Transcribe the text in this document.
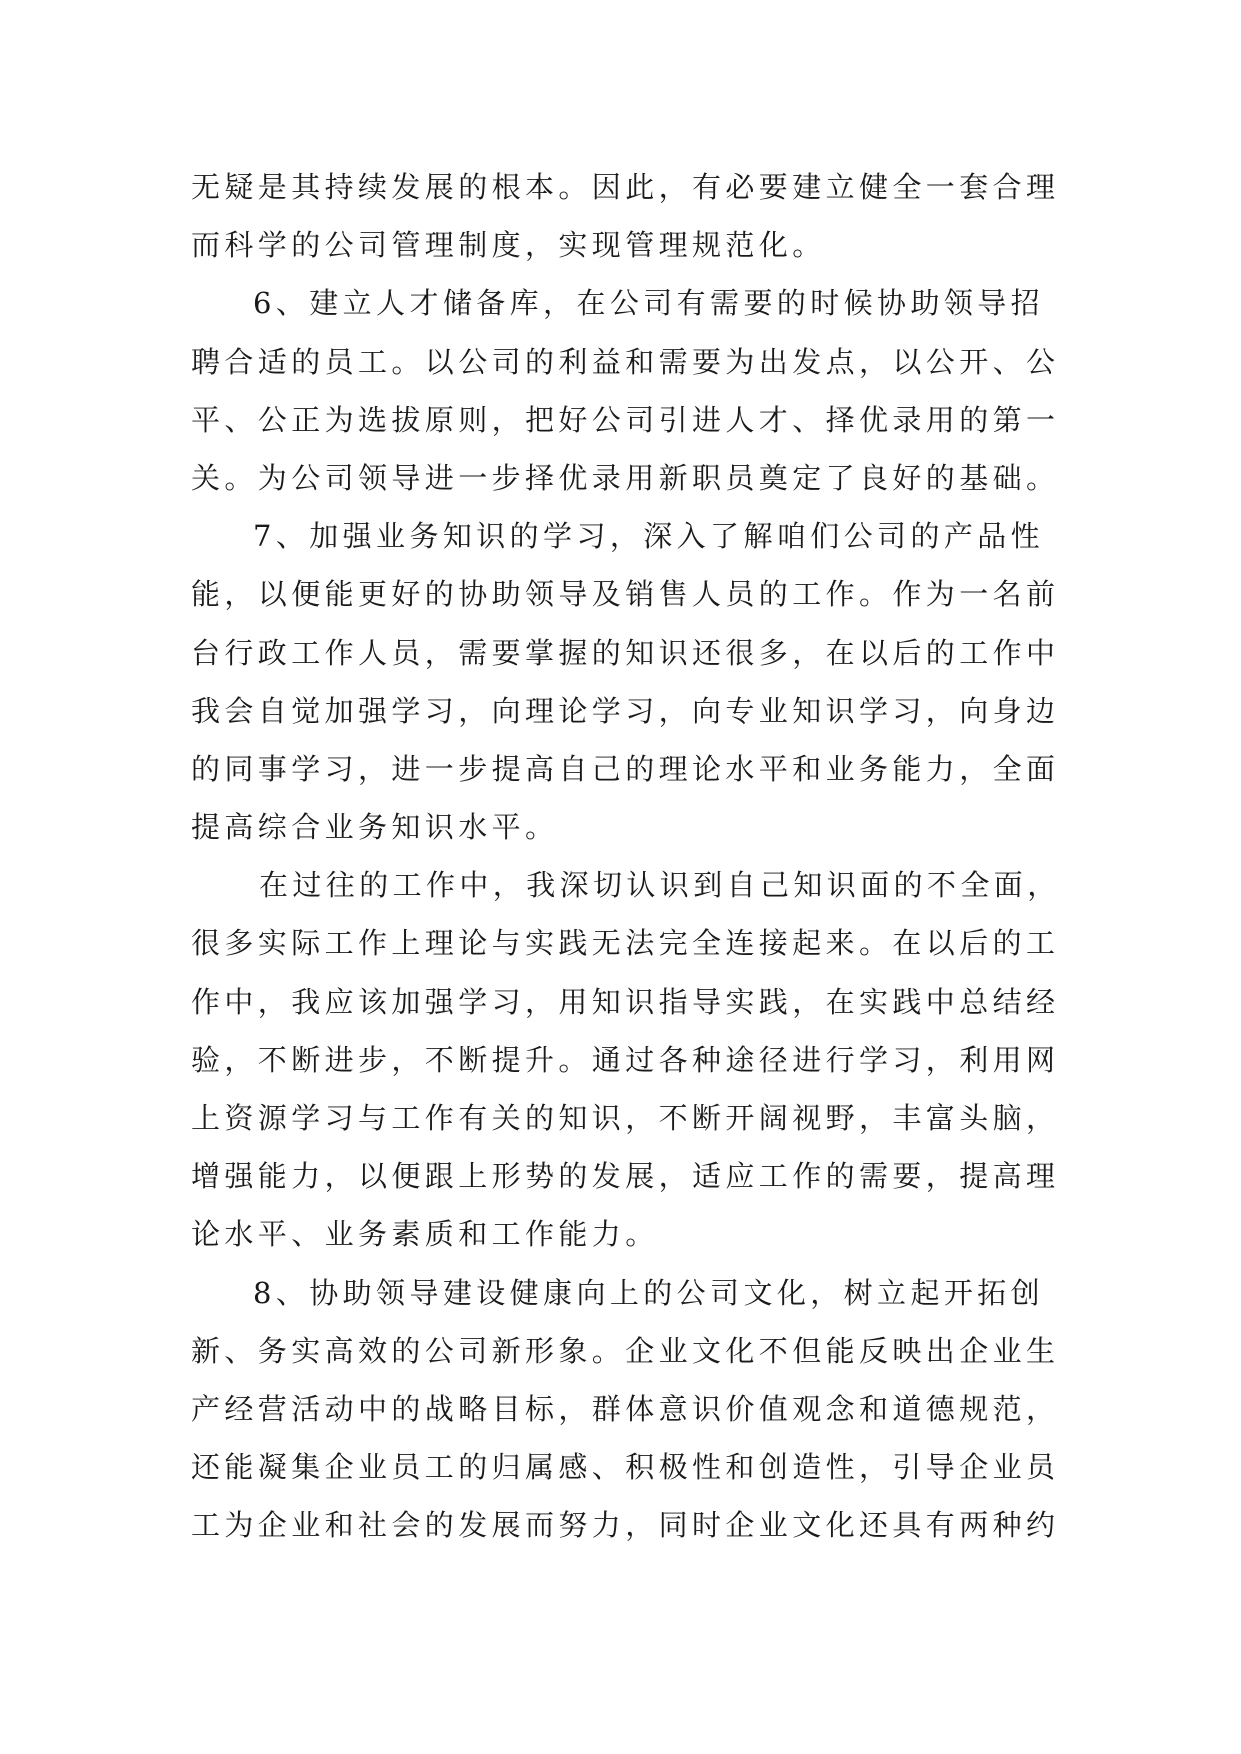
无疑是其持续发展的根本。因此，有必要建立健全一套合理
而科学的公司管理制度，实现管理规范化。
6、建立人才储备库，在公司有需要的时候协助领导招
聘合适的员工。以公司的利益和需要为出发点，以公开、公
平、公正为选拔原则，把好公司引进人才、择优录用的第一
关。为公司领导进一步择优录用新职员奠定了良好的基础。
7、加强业务知识的学习，深入了解咱们公司的产品性
能，以便能更好的协助领导及销售人员的工作。作为一名前
台行政工作人员，需要掌握的知识还很多，在以后的工作中
我会自觉加强学习，向理论学习，向专业知识学习，向身边
的同事学习，进一步提高自己的理论水平和业务能力，全面
提高综合业务知识水平。
在过往的工作中，我深切认识到自己知识面的不全面，
很多实际工作上理论与实践无法完全连接起来。在以后的工
作中，我应该加强学习，用知识指导实践，在实践中总结经
验，不断进步，不断提升。通过各种途径进行学习，利用网
上资源学习与工作有关的知识，不断开阔视野，丰富头脑，
增强能力，以便跟上形势的发展，适应工作的需要，提高理
论水平、业务素质和工作能力。
8、协助领导建设健康向上的公司文化，树立起开拓创
新、务实高效的公司新形象。企业文化不但能反映出企业生
产经营活动中的战略目标，群体意识价值观念和道德规范，
还能凝集企业员工的归属感、积极性和创造性，引导企业员
工为企业和社会的发展而努力，同时企业文化还具有两种约
